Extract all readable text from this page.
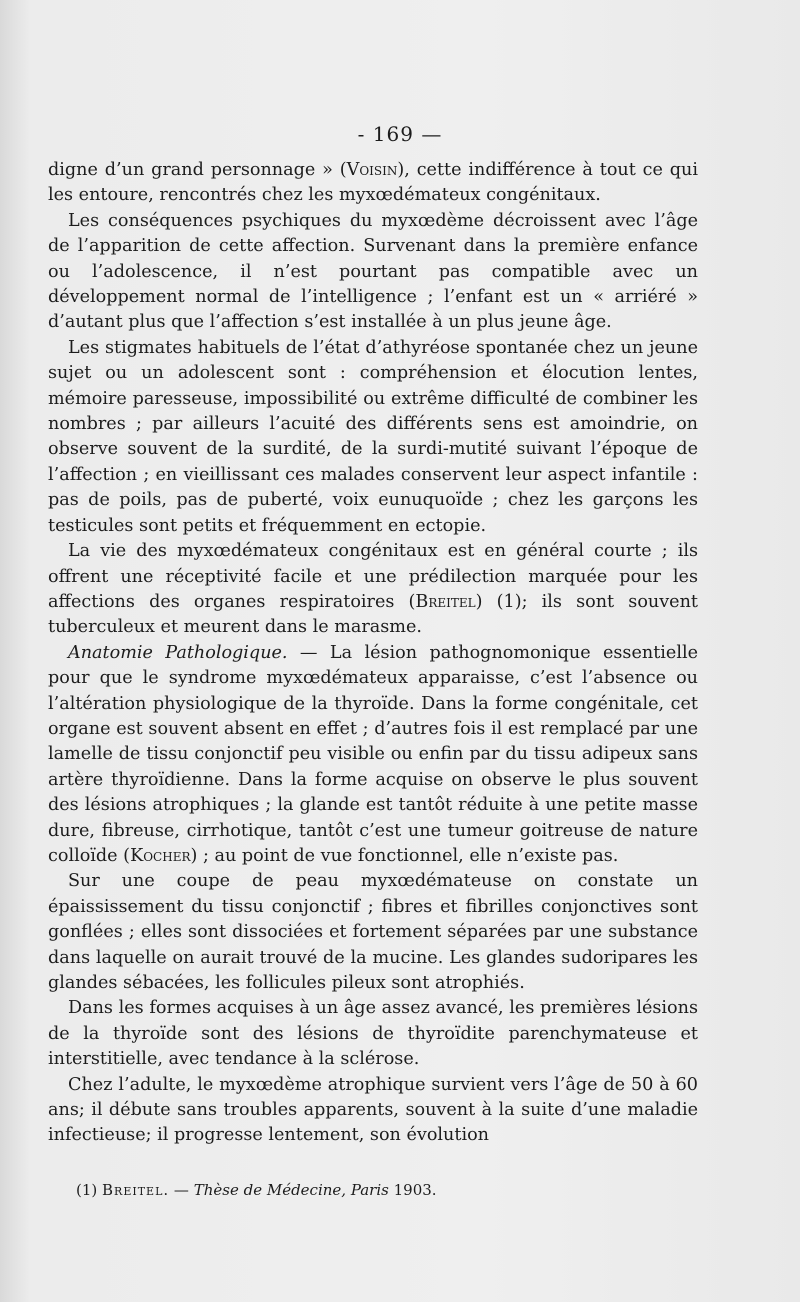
- 169 —

digne d’un grand personnage » (Voisin), cette indifférence à tout ce qui les entoure, rencontrés chez les myxœdémateux congénitaux.

Les conséquences psychiques du myxœdème décroissent avec l’âge de l’apparition de cette affection. Survenant dans la première enfance ou l’adolescence, il n’est pourtant pas compatible avec un développement normal de l’intelligence ; l’enfant est un « arriéré » d’autant plus que l’affection s’est installée à un plus jeune âge.

Les stigmates habituels de l’état d’athyréose spontanée chez un jeune sujet ou un adolescent sont : compréhension et élocution lentes, mémoire paresseuse, impossibilité ou extrême difficulté de combiner les nombres ; par ailleurs l’acuité des différents sens est amoindrie, on observe souvent de la surdité, de la surdi-mutité suivant l’époque de l’affection ; en vieillissant ces malades conservent leur aspect infantile : pas de poils, pas de puberté, voix eunuquoïde ; chez les garçons les testicules sont petits et fréquemment en ectopie.

La vie des myxœdémateux congénitaux est en général courte ; ils offrent une réceptivité facile et une prédilection marquée pour les affections des organes respiratoires (Breitel) (1); ils sont souvent tuberculeux et meurent dans le marasme.

Anatomie Pathologique. — La lésion pathognomonique essentielle pour que le syndrome myxœdémateux apparaisse, c’est l’absence ou l’altération physiologique de la thyroïde. Dans la forme congénitale, cet organe est souvent absent en effet ; d’autres fois il est remplacé par une lamelle de tissu conjonctif peu visible ou enfin par du tissu adipeux sans artère thyroïdienne. Dans la forme acquise on observe le plus souvent des lésions atrophiques ; la glande est tantôt réduite à une petite masse dure, fibreuse, cirrhotique, tantôt c’est une tumeur goitreuse de nature colloïde (Kocher) ; au point de vue fonctionnel, elle n’existe pas.

Sur une coupe de peau myxœdémateuse on constate un épaississement du tissu conjonctif ; fibres et fibrilles conjonctives sont gonflées ; elles sont dissociées et fortement séparées par une substance dans laquelle on aurait trouvé de la mucine. Les glandes sudoripares les glandes sébacées, les follicules pileux sont atrophiés.

Dans les formes acquises à un âge assez avancé, les premières lésions de la thyroïde sont des lésions de thyroïdite parenchymateuse et interstitielle, avec tendance à la sclérose.

Chez l’adulte, le myxœdème atrophique survient vers l’âge de 50 à 60 ans; il débute sans troubles apparents, souvent à la suite d’une maladie infectieuse; il progresse lentement, son évolution

(1) Breitel. — Thèse de Médecine, Paris 1903.
